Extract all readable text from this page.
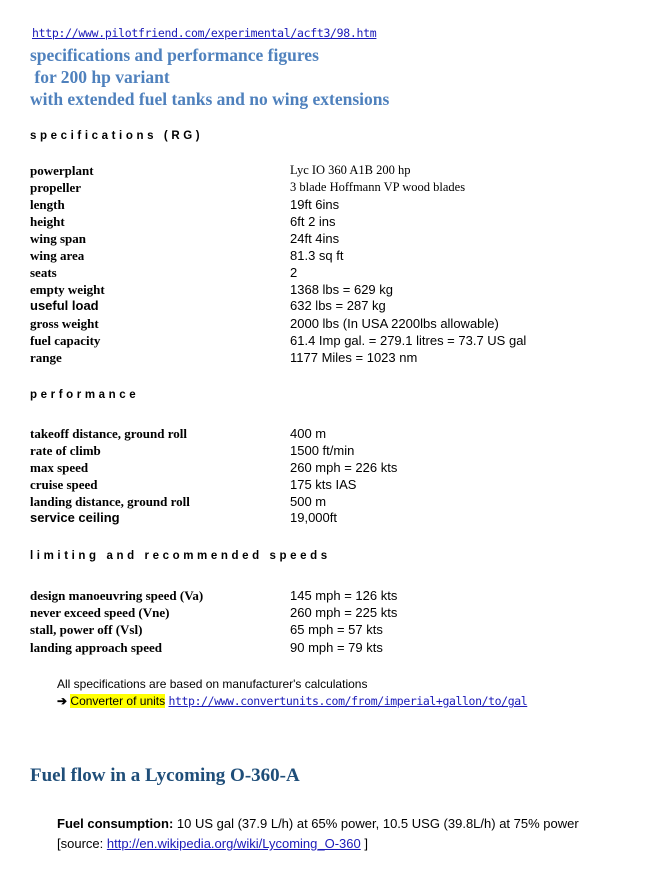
http://www.pilotfriend.com/experimental/acft3/98.htm
specifications and performance figures
for 200 hp variant
with extended fuel tanks and no wing extensions
specifications (RG)
powerplant	Lyc IO 360 A1B 200 hp
propeller	3 blade Hoffmann VP wood blades
length	19ft 6ins
height	6ft 2 ins
wing span	24ft 4ins
wing area	81.3 sq ft
seats	2
empty weight	1368 lbs = 629 kg
useful load	632 lbs = 287 kg
gross weight	2000 lbs (In USA 2200lbs allowable)
fuel capacity	61.4 Imp gal. = 279.1 litres = 73.7 US gal
range	1177 Miles = 1023 nm
performance
takeoff distance, ground roll	400 m
rate of climb	1500 ft/min
max speed	260 mph = 226 kts
cruise speed	175 kts IAS
landing distance, ground roll	500 m
service ceiling	19,000ft
limiting and recommended speeds
design manoeuvring speed (Va)	145 mph = 126 kts
never exceed speed (Vne)	260 mph = 225 kts
stall, power off (Vsl)	65 mph = 57 kts
landing approach speed	90 mph = 79 kts
All specifications are based on manufacturer's calculations
➔ Converter of units http://www.convertunits.com/from/imperial+gallon/to/gal
Fuel flow in a Lycoming O-360-A
Fuel consumption: 10 US gal (37.9 L/h) at 65% power, 10.5 USG (39.8L/h) at 75% power
[source: http://en.wikipedia.org/wiki/Lycoming_O-360 ]
